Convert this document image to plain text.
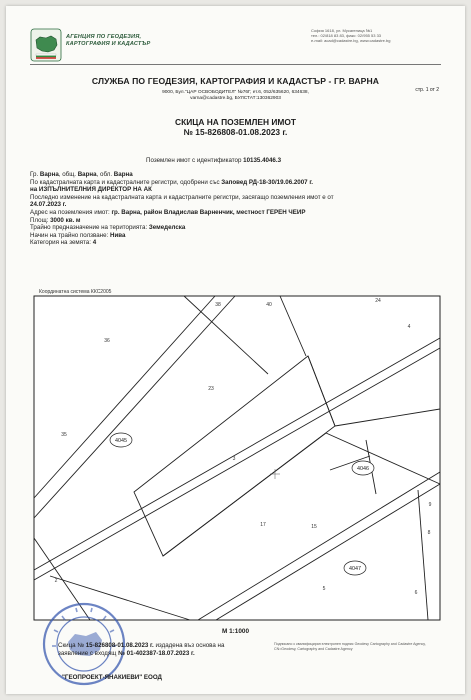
АГЕНЦИЯ ПО ГЕОДЕЗИЯ,
КАРТОГРАФИЯ И КАДАСТЪР
София 1618, ул. Мусагеница №1
тел.: 02/818 83 83, факс: 02/955 53 33
e-mail: acad@cadastre.bg, www.cadastre.bg
стр. 1 от 2
СЛУЖБА ПО ГЕОДЕЗИЯ, КАРТОГРАФИЯ И КАДАСТЪР - ГР. ВАРНА
9000, Бул."ЦАР ОСВОБОДИТЕЛ" №76Г, ет.6, 052/635620, 634638,
varna@cadastre.bg, БУЛСТАТ:130362903
СКИЦА НА ПОЗЕМЛЕН ИМОТ
№ 15-826808-01.08.2023 г.
Поземлен имот с идентификатор 10135.4046.3
Гр. Варна, общ. Варна, обл. Варна
По кадастралната карта и кадастралните регистри, одобрени със Заповед РД-18-30/19.06.2007 г.
на ИЗПЪЛНИТЕЛНИЯ ДИРЕКТОР НА АК
Последно изменение на кадастралната карта и кадастралните регистри, засягащо поземления имот е от
24.07.2023 г.
Адрес на поземления имот: гр. Варна, район Владислав Варненчик, местност ГЕРЕН ЧЕИР
Площ: 3000 кв. м
Трайно предназначение на територията: Земеделска
Начин на трайно ползване: Нива
Категория на земята: 4
Координатна система ККС2005
38	40
36
23
35
3
4
24
17	15
2
5
9
8
6
4045
4046
4047
М 1:1000
Скица № 15-826808-01.08.2023 г. издадена въз основа на
заявление с входящ № 01-402387-18.07.2023 г.
"ГЕОПРОЕКТ-ЯНАКИЕВИ" ЕООД
Подписано с квалифициран електронен подпис Geodesy Cartography and Cadastre Agency, CN=Geodesy, Cartography and Cadastre Agency
